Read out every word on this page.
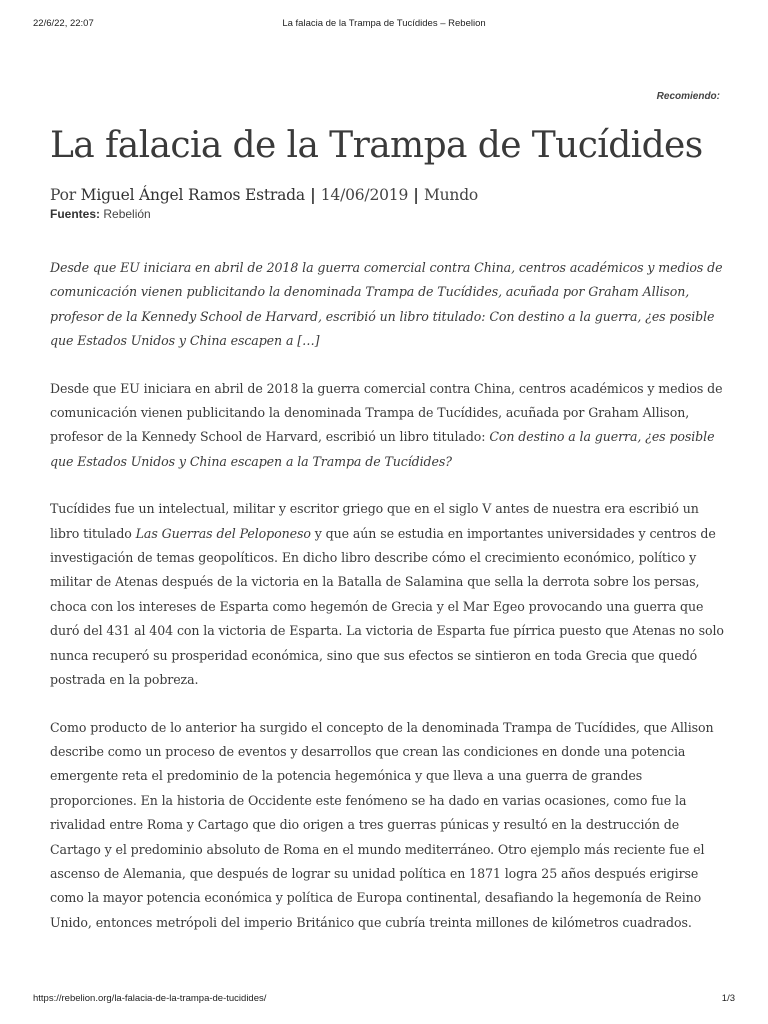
22/6/22, 22:07	La falacia de la Trampa de Tucídides – Rebelion
Recomiendo:
La falacia de la Trampa de Tucídides
Por Miguel Ángel Ramos Estrada | 14/06/2019 | Mundo
Fuentes: Rebelión

Desde que EU iniciara en abril de 2018 la guerra comercial contra China, centros académicos y medios de comunicación vienen publicitando la denominada Trampa de Tucídides, acuñada por Graham Allison, profesor de la Kennedy School de Harvard, escribió un libro titulado: Con destino a la guerra, ¿es posible que Estados Unidos y China escapen a […]

Desde que EU iniciara en abril de 2018 la guerra comercial contra China, centros académicos y medios de comunicación vienen publicitando la denominada Trampa de Tucídides, acuñada por Graham Allison, profesor de la Kennedy School de Harvard, escribió un libro titulado: Con destino a la guerra, ¿es posible que Estados Unidos y China escapen a la Trampa de Tucídides?

Tucídides fue un intelectual, militar y escritor griego que en el siglo V antes de nuestra era escribió un libro titulado Las Guerras del Peloponeso y que aún se estudia en importantes universidades y centros de investigación de temas geopolíticos. En dicho libro describe cómo el crecimiento económico, político y militar de Atenas después de la victoria en la Batalla de Salamina que sella la derrota sobre los persas, choca con los intereses de Esparta como hegemón de Grecia y el Mar Egeo provocando una guerra que duró del 431 al 404 con la victoria de Esparta. La victoria de Esparta fue pírrica puesto que Atenas no solo nunca recuperó su prosperidad económica, sino que sus efectos se sintieron en toda Grecia que quedó postrada en la pobreza.

Como producto de lo anterior ha surgido el concepto de la denominada Trampa de Tucídides, que Allison describe como un proceso de eventos y desarrollos que crean las condiciones en donde una potencia emergente reta el predominio de la potencia hegemónica y que lleva a una guerra de grandes proporciones. En la historia de Occidente este fenómeno se ha dado en varias ocasiones, como fue la rivalidad entre Roma y Cartago que dio origen a tres guerras púnicas y resultó en la destrucción de Cartago y el predominio absoluto de Roma en el mundo mediterráneo. Otro ejemplo más reciente fue el ascenso de Alemania, que después de lograr su unidad política en 1871 logra 25 años después erigirse como la mayor potencia económica y política de Europa continental, desafiando la hegemonía de Reino Unido, entonces metrópoli del imperio Británico que cubría treinta millones de kilómetros cuadrados.

https://rebelion.org/la-falacia-de-la-trampa-de-tucidides/	1/3
